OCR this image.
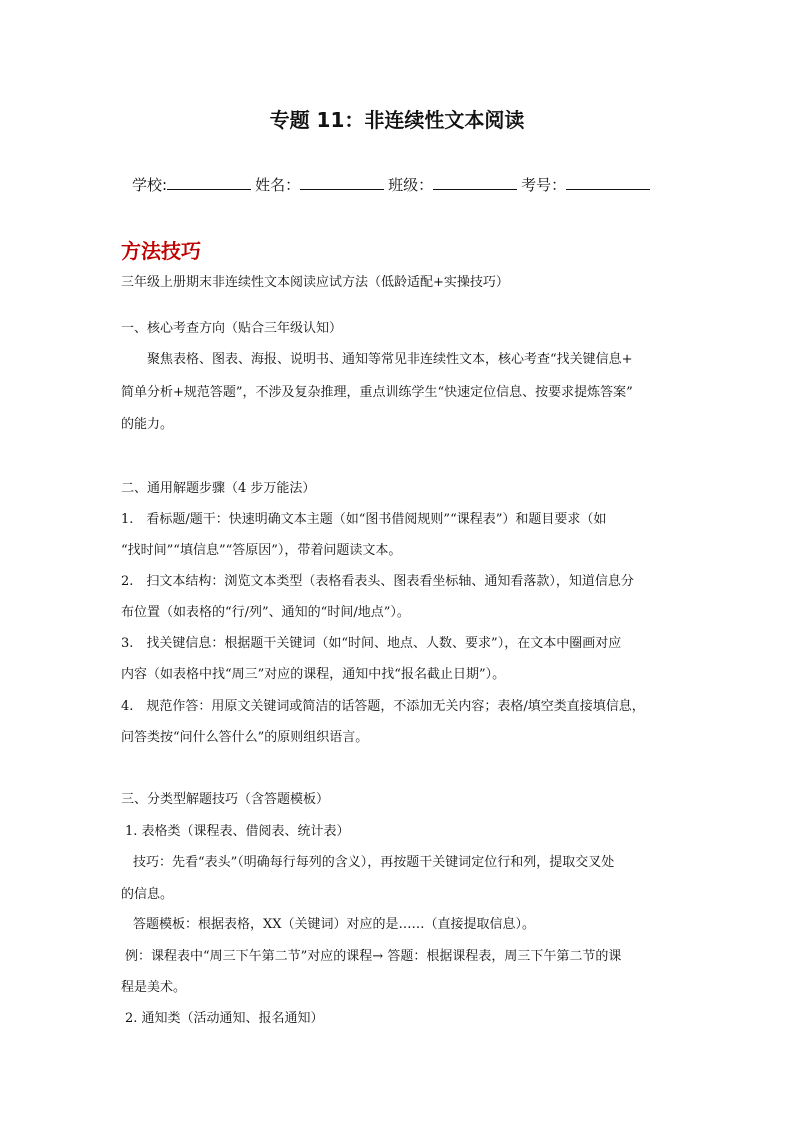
专题 11：非连续性文本阅读
学校:	姓名：	班级：	考号：
方法技巧
三年级上册期末非连续性文本阅读应试方法（低龄适配+实操技巧）
一、核心考查方向（贴合三年级认知）
聚焦表格、图表、海报、说明书、通知等常见非连续性文本，核心考查“找关键信息+
简单分析+规范答题”，不涉及复杂推理，重点训练学生“快速定位信息、按要求提炼答案”
的能力。
二、通用解题步骤（4 步万能法）
1.　看标题/题干：快速明确文本主题（如“图书借阅规则”“课程表”）和题目要求（如
“找时间”“填信息”“答原因”），带着问题读文本。
2.　扫文本结构：浏览文本类型（表格看表头、图表看坐标轴、通知看落款），知道信息分
布位置（如表格的“行/列”、通知的“时间/地点”）。
3.　找关键信息：根据题干关键词（如“时间、地点、人数、要求”），在文本中圈画对应
内容（如表格中找“周三”对应的课程，通知中找“报名截止日期”）。
4.　规范作答：用原文关键词或简洁的话答题，不添加无关内容；表格/填空类直接填信息，
问答类按“问什么答什么”的原则组织语言。
三、分类型解题技巧（含答题模板）
1. 表格类（课程表、借阅表、统计表）
技巧：先看“表头”（明确每行每列的含义），再按题干关键词定位行和列，提取交叉处
的信息。
答题模板：根据表格，XX（关键词）对应的是……（直接提取信息）。
例：课程表中“周三下午第二节”对应的课程→ 答题：根据课程表，周三下午第二节的课
程是美术。
2. 通知类（活动通知、报名通知）
